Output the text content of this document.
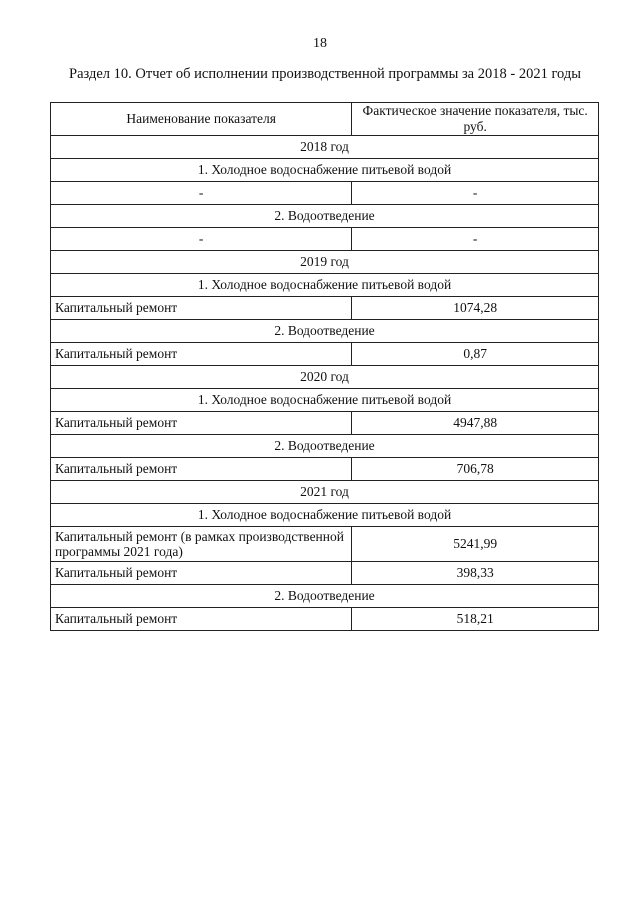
18
Раздел 10. Отчет об исполнении производственной программы за 2018 - 2021 годы
Наименование показателя	Фактическое значение показателя, тыс. руб.
2018 год	
1. Холодное водоснабжение питьевой водой	
-	-
2. Водоотведение	
-	-
2019 год	
1. Холодное водоснабжение питьевой водой	
Капитальный ремонт	1074,28
2. Водоотведение	
Капитальный ремонт	0,87
2020 год	
1. Холодное водоснабжение питьевой водой	
Капитальный ремонт	4947,88
2. Водоотведение	
Капитальный ремонт	706,78
2021 год	
1. Холодное водоснабжение питьевой водой	
Капитальный ремонт (в рамках производственной программы 2021 года)	5241,99
Капитальный ремонт	398,33
2. Водоотведение	
Капитальный ремонт	518,21
